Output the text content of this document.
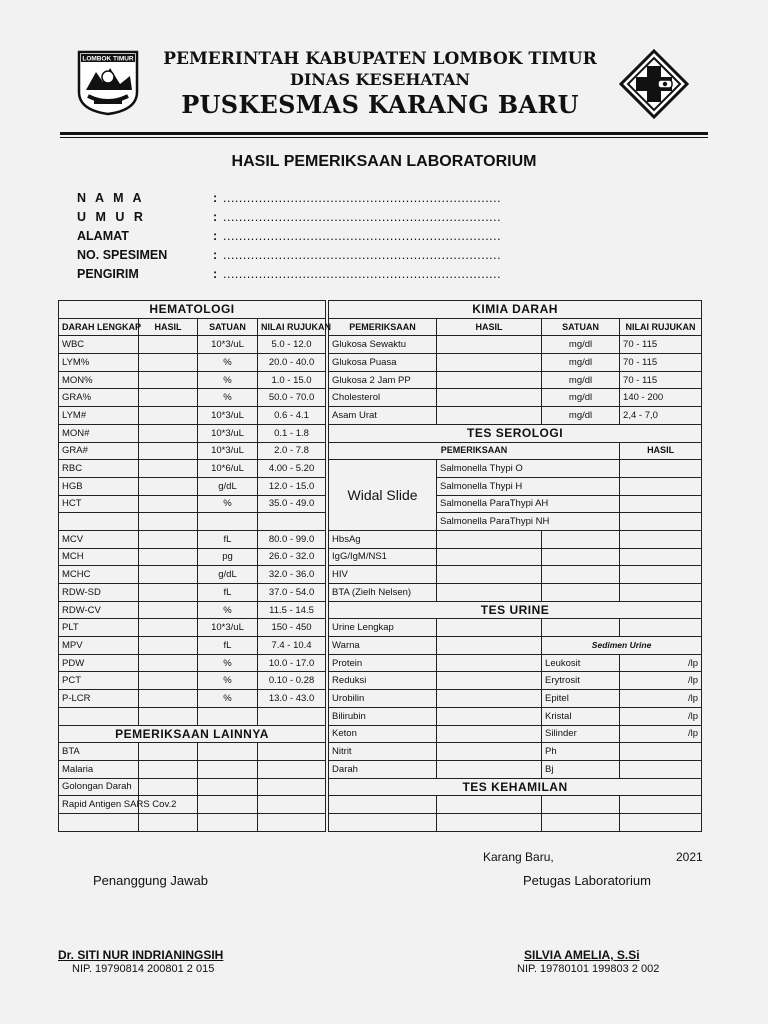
LOMBOK TIMUR	PEMERINTAH KABUPATEN LOMBOK TIMUR
DINAS KESEHATAN
PUSKESMAS KARANG BARU
HASIL PEMERIKSAAN LABORATORIUM
N A M A	: ......................................................................
U M U R	: ......................................................................
ALAMAT	: ......................................................................
NO. SPESIMEN	: ......................................................................
PENGIRIM	: ......................................................................
HEMATOLOGI					KIMIA DARAH			
DARAH LENGKAP	HASIL	SATUAN	NILAI RUJUKAN		PEMERIKSAAN	HASIL	SATUAN	NILAI RUJUKAN
WBC		10*3/uL	5.0 - 12.0		Glukosa Sewaktu		mg/dl	70 - 115
LYM%		%	20.0 - 40.0		Glukosa Puasa		mg/dl	70 - 115
MON%		%	1.0 - 15.0		Glukosa 2 Jam PP		mg/dl	70 - 115
GRA%		%	50.0 - 70.0		Cholesterol		mg/dl	140 - 200
LYM#		10*3/uL	0.6 - 4.1		Asam Urat		mg/dl	2,4 - 7,0
MON#		10*3/uL	0.1 - 1.8		TES SEROLOGI			
GRA#		10*3/uL	2.0 - 7.8		PEMERIKSAAN			HASIL
RBC		10*6/uL	4.00 - 5.20		Widal Slide	Salmonella Thypi O		
HGB		g/dL	12.0 - 15.0			Salmonella Thypi H		
HCT		%	35.0 - 49.0			Salmonella ParaThypi AH		
						Salmonella ParaThypi NH		
MCV		fL	80.0 - 99.0		HbsAg			
MCH		pg	26.0 - 32.0		IgG/IgM/NS1			
MCHC		g/dL	32.0 - 36.0		HIV			
RDW-SD		fL	37.0 - 54.0		BTA (Zielh Nelsen)			
RDW-CV		%	11.5 - 14.5		TES URINE			
PLT		10*3/uL	150 - 450		Urine Lengkap			
MPV		fL	7.4 - 10.4		Warna		Sedimen Urine	
PDW		%	10.0 - 17.0		Protein		Leukosit	/lp
PCT		%	0.10 - 0.28		Reduksi		Erytrosit	/lp
P-LCR		%	13.0 - 43.0		Urobilin		Epitel	/lp
					Bilirubin		Kristal	/lp
PEMERIKSAAN LAINNYA					Keton		Silinder	/lp
BTA					Nitrit		Ph	
Malaria					Darah		Bj	
Golongan Darah					TES KEHAMILAN			
Rapid Antigen SARS Cov.2								

Karang Baru,	2021
Penanggung Jawab	Petugas Laboratorium
Dr. SITI NUR INDRIANINGSIH
NIP. 19790814 200801 2 015
SILVIA AMELIA, S.Si
NIP. 19780101 199803 2 002
